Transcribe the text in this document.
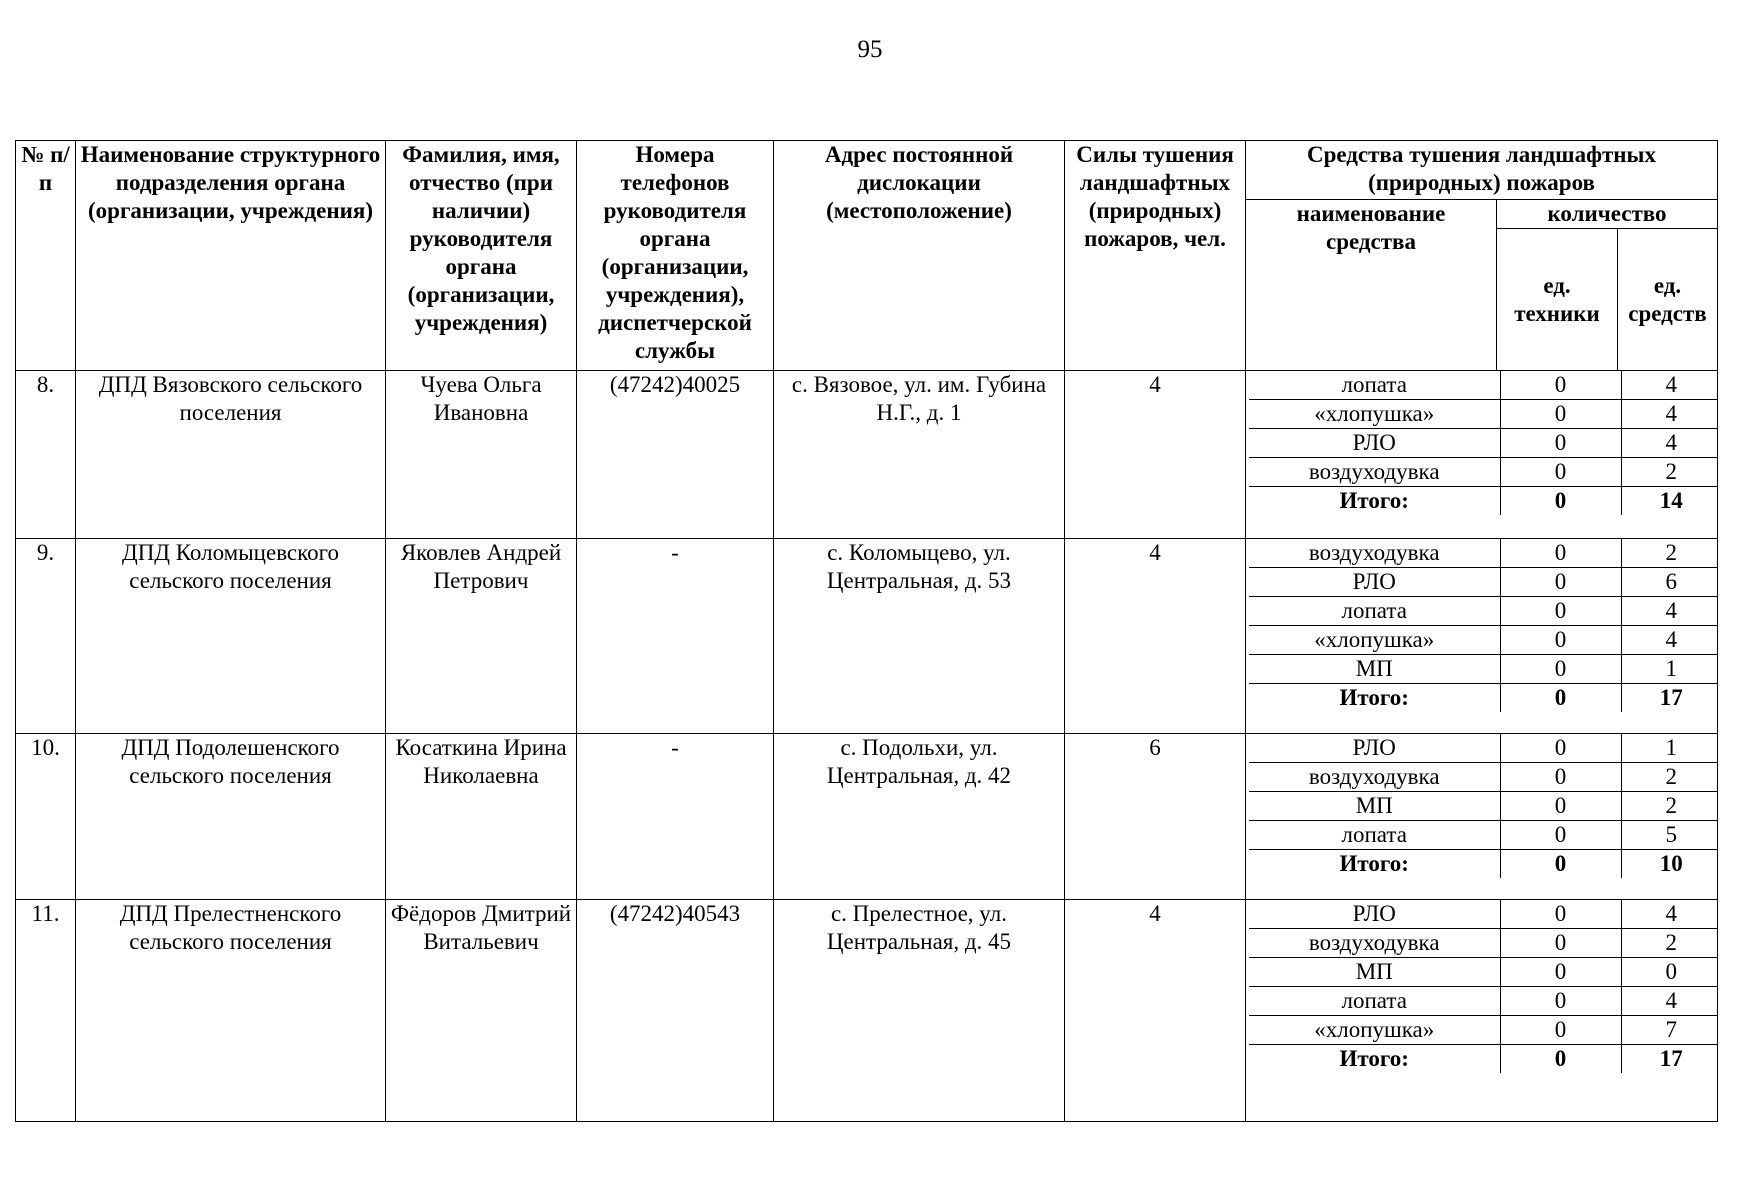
95
№ п/п	Наименование структурного подразделения органа (организации, учреждения)	Фамилия, имя, отчество (при наличии) руководителя органа (организации, учреждения)	Номера телефонов руководителя органа (организации, учреждения), диспетчерской службы	Адрес постоянной дислокации (местоположение)	Силы тушения ландшафтных (природных) пожаров, чел.	Средства тушения ландшафтных (природных) пожаров
наименование средства	количество
ед. техники	ед. средств
8.	ДПД Вязовского сельского поселения	Чуева Ольга Ивановна	(47242)40025	с. Вязовое, ул. им. Губина Н.Г., д. 1	4		лопата	0	4
«хлопушка»	0	4
РЛО	0	4
воздуходувка	0	2
Итого:	0	14

9.	ДПД Коломыцевского сельского поселения	Яковлев Андрей Петрович	-	с. Коломыцево, ул. Центральная, д. 53	4		воздуходувка	0	2
РЛО	0	6
лопата	0	4
«хлопушка»	0	4
МП	0	1
Итого:	0	17

10.	ДПД Подолешенского сельского поселения	Косаткина Ирина Николаевна	-	с. Подольхи, ул. Центральная, д. 42	6		РЛО	0	1
воздуходувка	0	2
МП	0	2
лопата	0	5
Итого:	0	10

11.	ДПД Прелестненского сельского поселения	Фёдоров Дмитрий Витальевич	(47242)40543	с. Прелестное, ул. Центральная, д. 45	4		РЛО	0	4
воздуходувка	0	2
МП	0	0
лопата	0	4
«хлопушка»	0	7
Итого:	0	17
